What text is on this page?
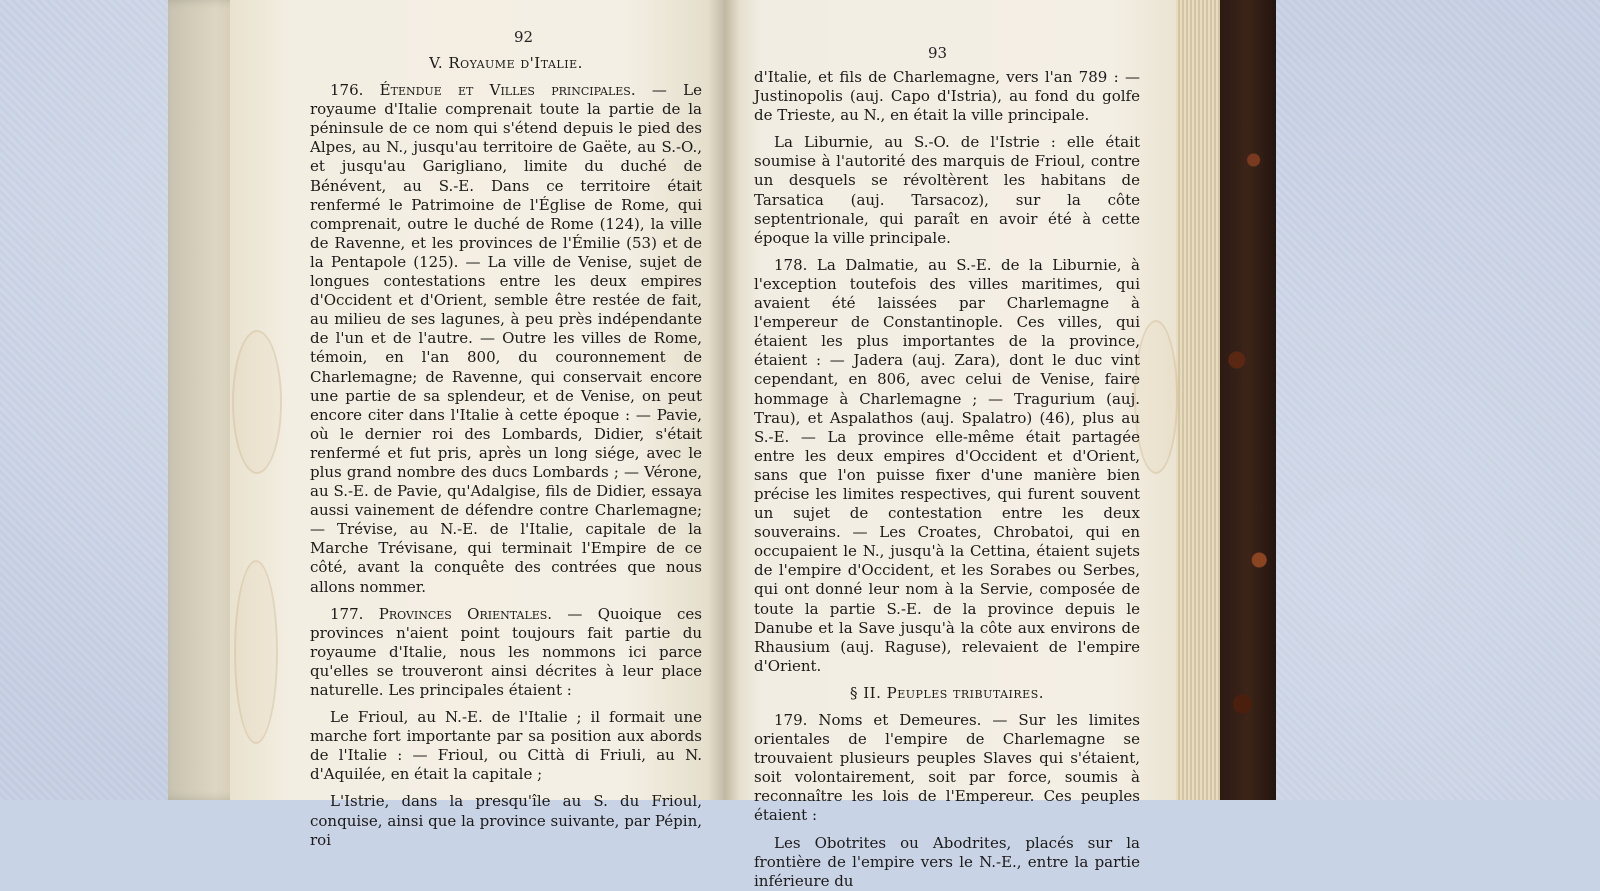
92

V. Royaume d'Italie.

176. Étendue et Villes principales. — Le royaume d'Italie comprenait toute la partie de la péninsule de ce nom qui s'étend depuis le pied des Alpes, au N., jusqu'au territoire de Gaëte, au S.-O., et jusqu'au Garigliano, limite du duché de Bénévent, au S.-E. Dans ce territoire était renfermé le Patrimoine de l'Église de Rome, qui comprenait, outre le duché de Rome (124), la ville de Ravenne, et les provinces de l'Émilie (53) et de la Pentapole (125). — La ville de Venise, sujet de longues contestations entre les deux empires d'Occident et d'Orient, semble être restée de fait, au milieu de ses lagunes, à peu près indépendante de l'un et de l'autre. — Outre les villes de Rome, témoin, en l'an 800, du couronnement de Charlemagne; de Ravenne, qui conservait encore une partie de sa splendeur, et de Venise, on peut encore citer dans l'Italie à cette époque : — Pavie, où le dernier roi des Lombards, Didier, s'était renfermé et fut pris, après un long siége, avec le plus grand nombre des ducs Lombards ; — Vérone, au S.-E. de Pavie, qu'Adalgise, fils de Didier, essaya aussi vainement de défendre contre Charlemagne; — Trévise, au N.-E. de l'Italie, capitale de la Marche Trévisane, qui terminait l'Empire de ce côté, avant la conquête des contrées que nous allons nommer.

177. Provinces Orientales. — Quoique ces provinces n'aient point toujours fait partie du royaume d'Italie, nous les nommons ici parce qu'elles se trouveront ainsi décrites à leur place naturelle. Les principales étaient :

Le Frioul, au N.-E. de l'Italie ; il formait une marche fort importante par sa position aux abords de l'Italie : — Frioul, ou Città di Friuli, au N. d'Aquilée, en était la capitale ;

L'Istrie, dans la presqu'île au S. du Frioul, conquise, ainsi que la province suivante, par Pépin, roi

93

d'Italie, et fils de Charlemagne, vers l'an 789 : — Justinopolis (auj. Capo d'Istria), au fond du golfe de Trieste, au N., en était la ville principale.

La Liburnie, au S.-O. de l'Istrie : elle était soumise à l'autorité des marquis de Frioul, contre un desquels se révoltèrent les habitans de Tarsatica (auj. Tarsacoz), sur la côte septentrionale, qui paraît en avoir été à cette époque la ville principale.

178. La Dalmatie, au S.-E. de la Liburnie, à l'exception toutefois des villes maritimes, qui avaient été laissées par Charlemagne à l'empereur de Constantinople. Ces villes, qui étaient les plus importantes de la province, étaient : — Jadera (auj. Zara), dont le duc vint cependant, en 806, avec celui de Venise, faire hommage à Charlemagne ; — Tragurium (auj. Trau), et Aspalathos (auj. Spalatro) (46), plus au S.-E. — La province elle-même était partagée entre les deux empires d'Occident et d'Orient, sans que l'on puisse fixer d'une manière bien précise les limites respectives, qui furent souvent un sujet de contestation entre les deux souverains. — Les Croates, Chrobatoi, qui en occupaient le N., jusqu'à la Cettina, étaient sujets de l'empire d'Occident, et les Sorabes ou Serbes, qui ont donné leur nom à la Servie, composée de toute la partie S.-E. de la province depuis le Danube et la Save jusqu'à la côte aux environs de Rhausium (auj. Raguse), relevaient de l'empire d'Orient.

§ II. Peuples tributaires.

179. Noms et Demeures. — Sur les limites orientales de l'empire de Charlemagne se trouvaient plusieurs peuples Slaves qui s'étaient, soit volontairement, soit par force, soumis à reconnaître les lois de l'Empereur. Ces peuples étaient :

Les Obotrites ou Abodrites, placés sur la frontière de l'empire vers le N.-E., entre la partie inférieure du
